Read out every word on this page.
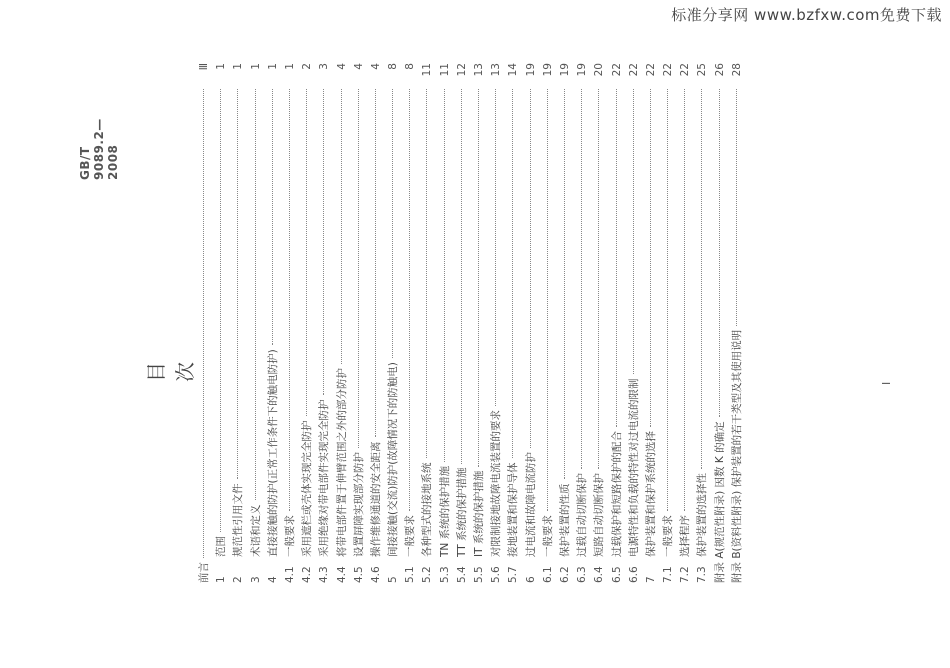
标准分享网 www.bzfxw.com免费下载
GB/T 9089.2—2008
目 次
前言
Ⅲ
1
范围
1
2
规范性引用文件
1
3
术语和定义
1
4
直接接触的防护(正常工作条件下的触电防护)
1
4.1
一般要求
1
4.2
采用遮栏或壳体实现完全防护
2
4.3
采用绝缘对带电部件实现完全防护
3
4.4
将带电部件置于伸臂范围之外的部分防护
4
4.5
设置屏障实现部分防护
4
4.6
操作维修通道的安全距离
4
5
间接接触(交流)防护(故障情况下的防触电)
8
5.1
一般要求
8
5.2
各种型式的接地系统
11
5.3
TN 系统的保护措施
11
5.4
TT 系统的保护措施
12
5.5
IT 系统的保护措施
13
5.6
对限制接地故障电流装置的要求
13
5.7
接地装置和保护导体
14
6
过电流和故障电流防护
19
6.1
一般要求
19
6.2
保护装置的性质
19
6.3
过载自动切断保护
19
6.4
短路自动切断保护
20
6.5
过载保护和短路保护的配合
22
6.6
电源特性和负载的特性对过电流的限制
22
7
保护装置和保护系统的选择
22
7.1
一般要求
22
7.2
选择程序
22
7.3
保护装置的选择性
25
附录 A(规范性附录) 因数 K 的确定
26
附录 B(资料性附录) 保护装置的若干类型及其使用说明
28
I
